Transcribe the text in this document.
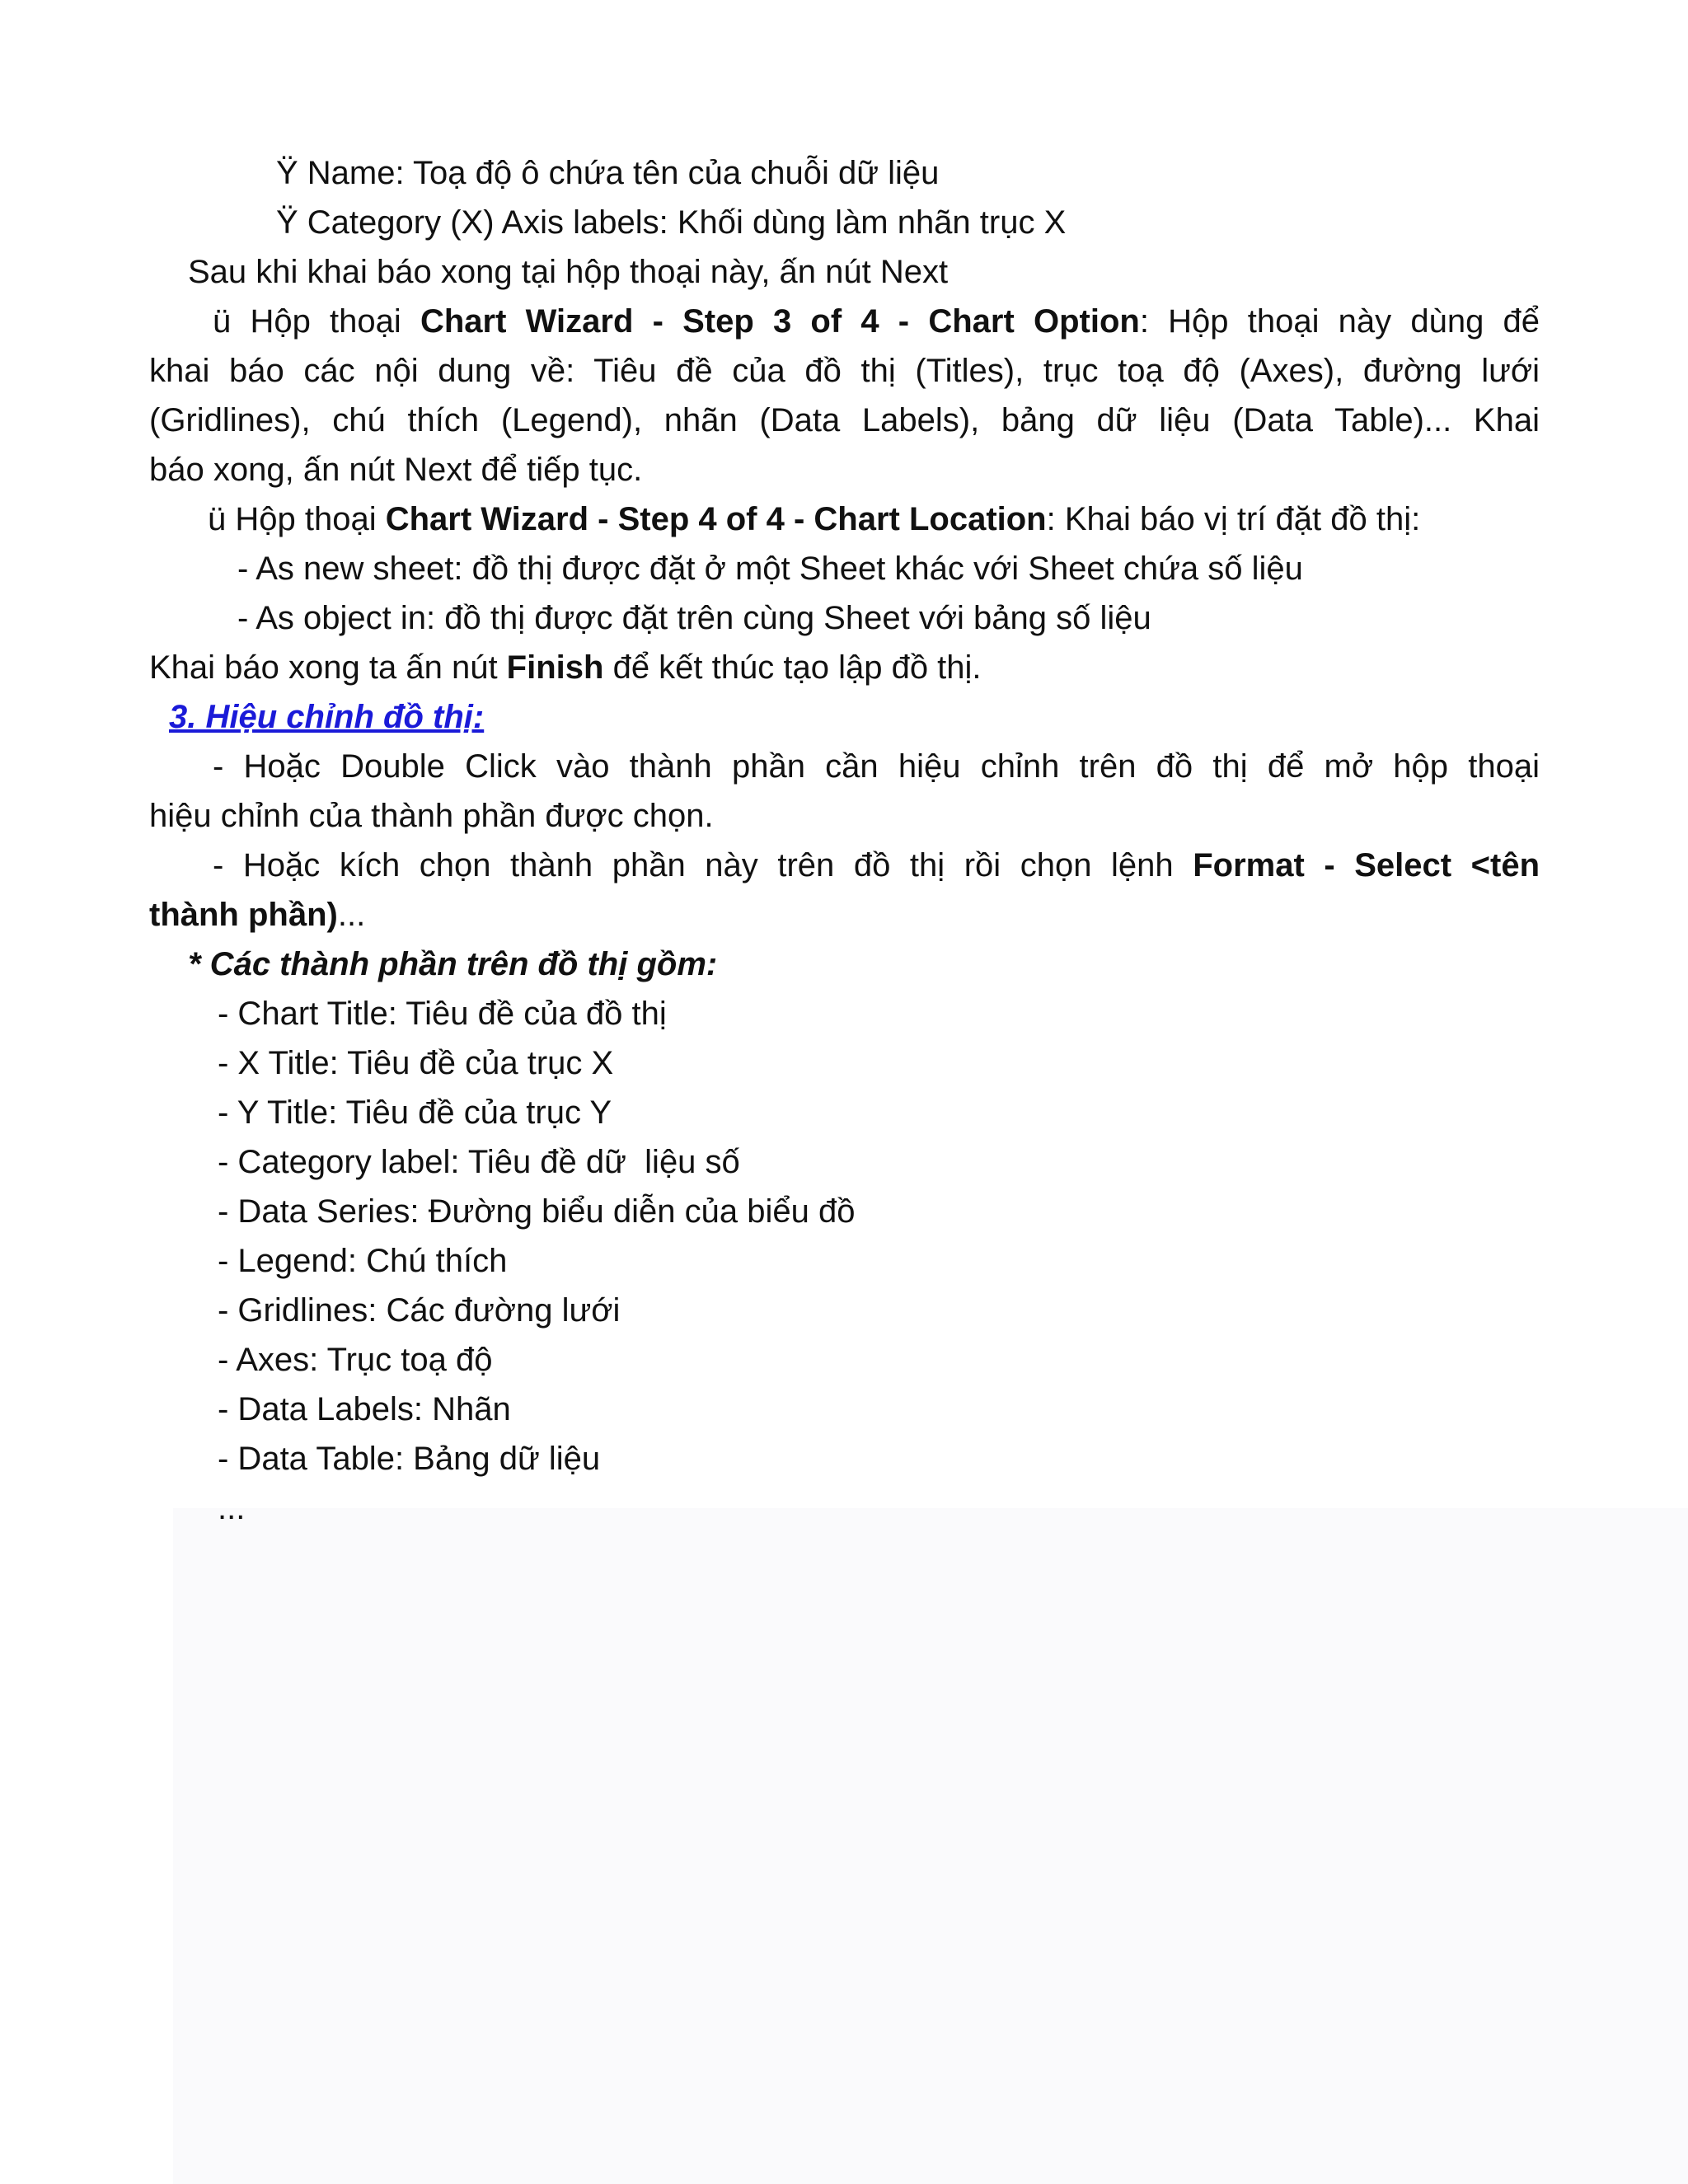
Ÿ Name: Toạ độ ô chứa tên của chuỗi dữ liệu
Ÿ Category (X) Axis labels: Khối dùng làm nhãn trục X
Sau khi khai báo xong tại hộp thoại này, ấn nút Next
ü Hộp thoại Chart Wizard - Step 3 of 4 - Chart Option: Hộp thoại này dùng để
khai báo các nội dung về: Tiêu đề của đồ thị (Titles), trục toạ độ (Axes), đường lưới
(Gridlines), chú thích (Legend), nhãn (Data Labels), bảng dữ liệu (Data Table)... Khai
báo xong, ấn nút Next để tiếp tục.
ü Hộp thoại Chart Wizard - Step 4 of 4 - Chart Location: Khai báo vị trí đặt đồ thị:
- As new sheet: đồ thị được đặt ở một Sheet khác với Sheet chứa số liệu
- As object in: đồ thị được đặt trên cùng Sheet với bảng số liệu
Khai báo xong ta ấn nút Finish để kết thúc tạo lập đồ thị.
3. Hiệu chỉnh đồ thị:
- Hoặc Double Click vào thành phần cần hiệu chỉnh trên đồ thị để mở hộp thoại
hiệu chỉnh của thành phần được chọn.
- Hoặc kích chọn thành phần này trên đồ thị rồi chọn lệnh Format - Select <tên
thành phần)...
* Các thành phần trên đồ thị gồm:
- Chart Title: Tiêu đề của đồ thị
- X Title: Tiêu đề của trục X
- Y Title: Tiêu đề của trục Y
- Category label: Tiêu đề dữ  liệu số
- Data Series: Đường biểu diễn của biểu đồ
- Legend: Chú thích
- Gridlines: Các đường lưới
- Axes: Trục toạ độ
- Data Labels: Nhãn
- Data Table: Bảng dữ liệu
...
